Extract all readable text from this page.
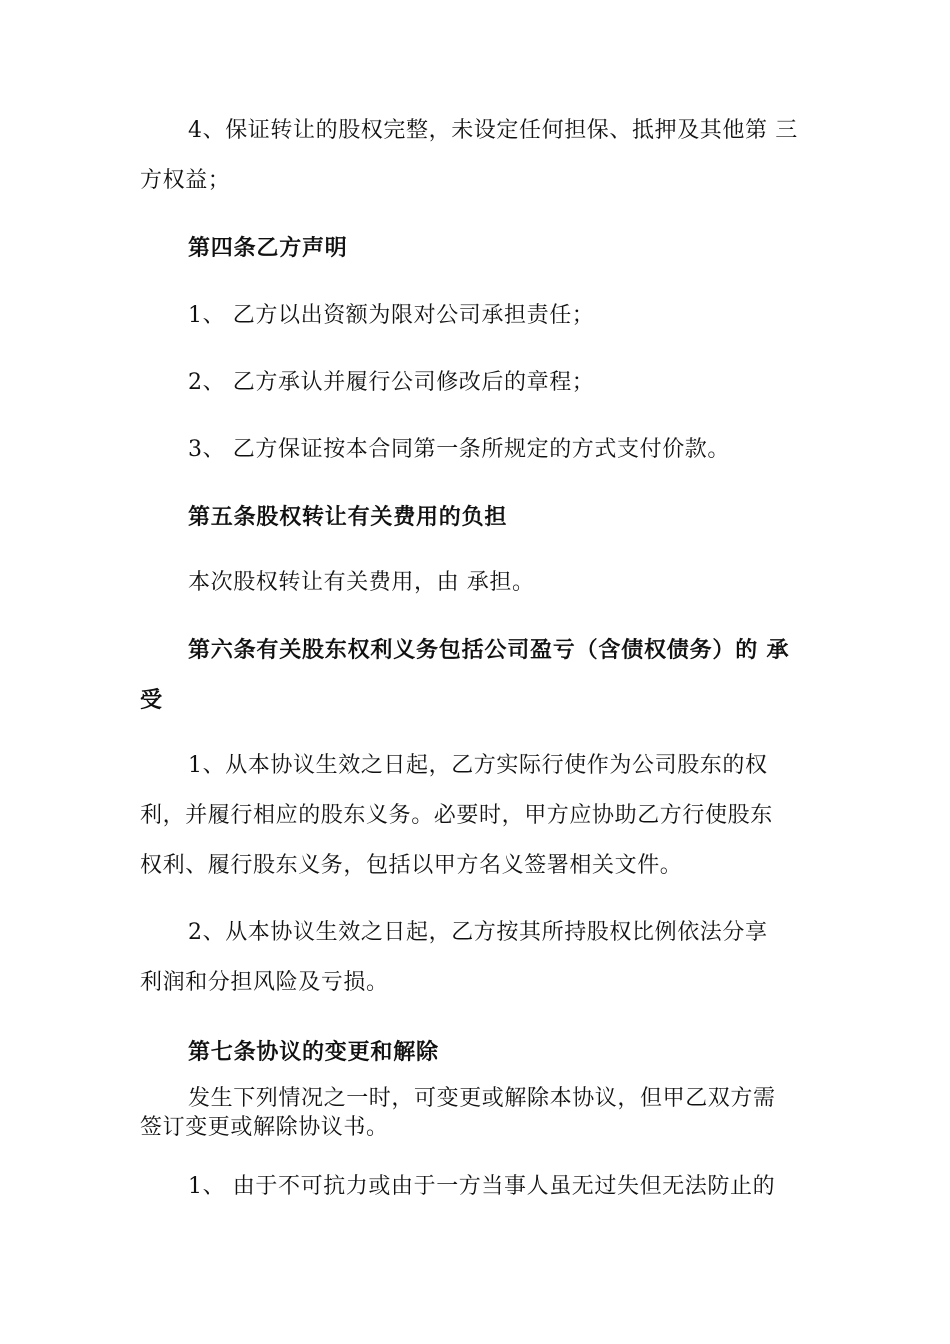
4、保证转让的股权完整，未设定任何担保、抵押及其他第 三
方权益；
第四条乙方声明
1、 乙方以出资额为限对公司承担责任；
2、 乙方承认并履行公司修改后的章程；
3、 乙方保证按本合同第一条所规定的方式支付价款。
第五条股权转让有关费用的负担
本次股权转让有关费用，由 承担。
第六条有关股东权利义务包括公司盈亏（含债权债务）的 承
受
1、从本协议生效之日起，乙方实际行使作为公司股东的权
利，并履行相应的股东义务。必要时，甲方应协助乙方行使股东
权利、履行股东义务，包括以甲方名义签署相关文件。
2、从本协议生效之日起，乙方按其所持股权比例依法分享
利润和分担风险及亏损。
第七条协议的变更和解除
发生下列情况之一时，可变更或解除本协议，但甲乙双方需
签订变更或解除协议书。
1、 由于不可抗力或由于一方当事人虽无过失但无法防止的
